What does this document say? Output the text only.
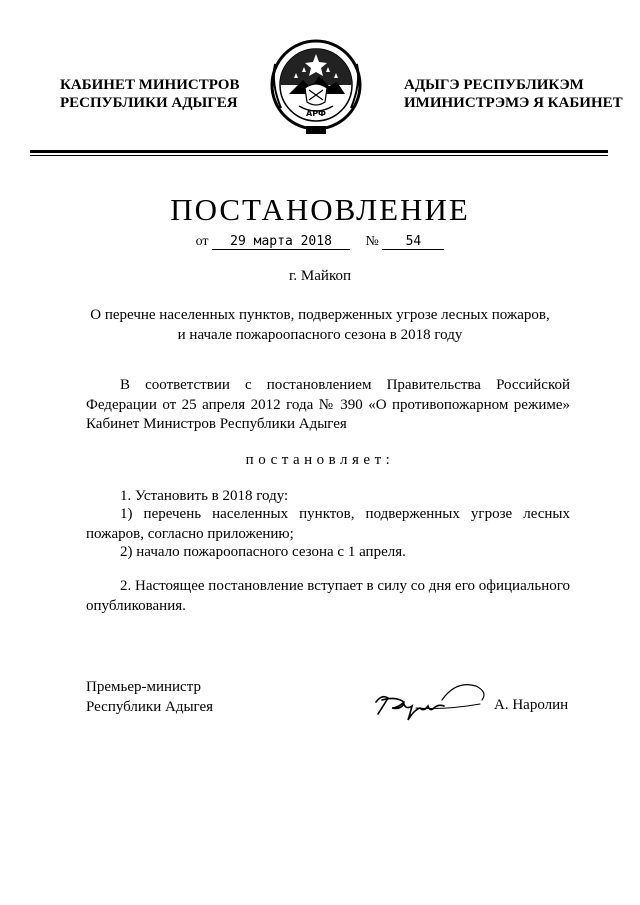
КАБИНЕТ МИНИСТРОВ
РЕСПУБЛИКИ АДЫГЕЯ
АРФ
АДЫГЭ РЕСПУБЛИКЭМ
ИМИНИСТРЭМЭ Я КАБИНЕТ
ПОСТАНОВЛЕНИЕ
от 29 марта 2018 № 54
г. Майкоп
О перечне населенных пунктов, подверженных угрозе лесных пожаров,
и начале пожароопасного сезона в 2018 году
В соответствии с постановлением Правительства Российской Федерации от 25 апреля 2012 года № 390 «О противопожарном режиме» Кабинет Министров Республики Адыгея
постановляет:
1. Установить в 2018 году:
1) перечень населенных пунктов, подверженных угрозе лесных пожаров, согласно приложению;
2) начало пожароопасного сезона с 1 апреля.
2. Настоящее постановление вступает в силу со дня его официального опубликования.
Премьер-министр
Республики Адыгея	А. Наролин
